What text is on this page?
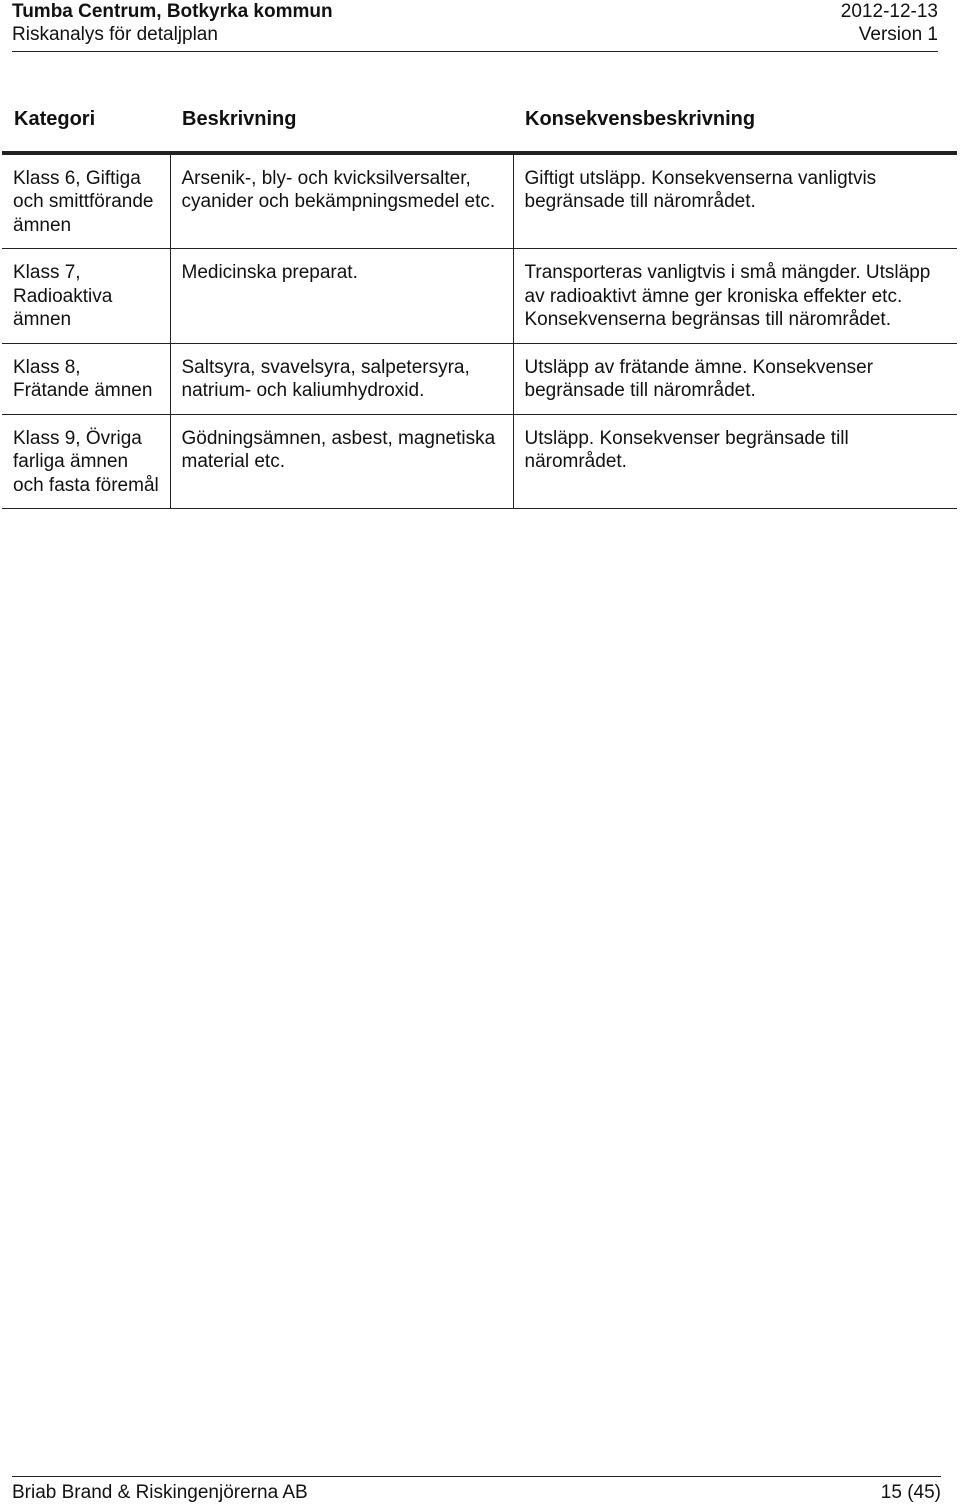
Tumba Centrum, Botkyrka kommun	2012-12-13
Riskanalys för detaljplan	Version 1
Kategori	Beskrivning	Konsekvensbeskrivning
Klass 6, Giftiga och smittförande ämnen	Arsenik-, bly- och kvicksilversalter, cyanider och bekämpningsmedel etc.	Giftigt utsläpp. Konsekvenserna vanligtvis begränsade till närområdet.
Klass 7, Radioaktiva ämnen	Medicinska preparat.	Transporteras vanligtvis i små mängder. Utsläpp av radioaktivt ämne ger kroniska effekter etc. Konsekvenserna begränsas till närområdet.
Klass 8, Frätande ämnen	Saltsyra, svavelsyra, salpetersyra, natrium- och kaliumhydroxid.	Utsläpp av frätande ämne. Konsekvenser begränsade till närområdet.
Klass 9, Övriga farliga ämnen och fasta föremål	Gödningsämnen, asbest, magnetiska material etc.	Utsläpp. Konsekvenser begränsade till närområdet.
Briab Brand & Riskingenjörerna AB	15 (45)
